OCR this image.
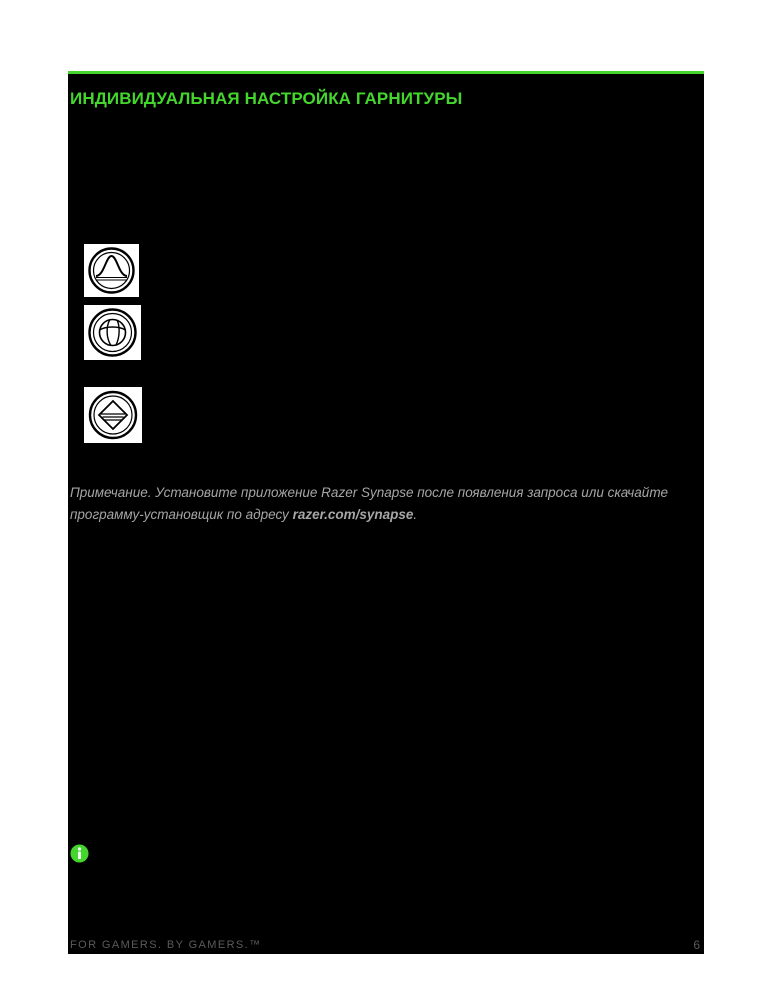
ИНДИВИДУАЛЬНАЯ НАСТРОЙКА ГАРНИТУРЫ

Примечание. Установите приложение Razer Synapse после появления запроса или скачайте программу-установщик по адресу razer.com/synapse.

FOR GAMERS. BY GAMERS.™	6
